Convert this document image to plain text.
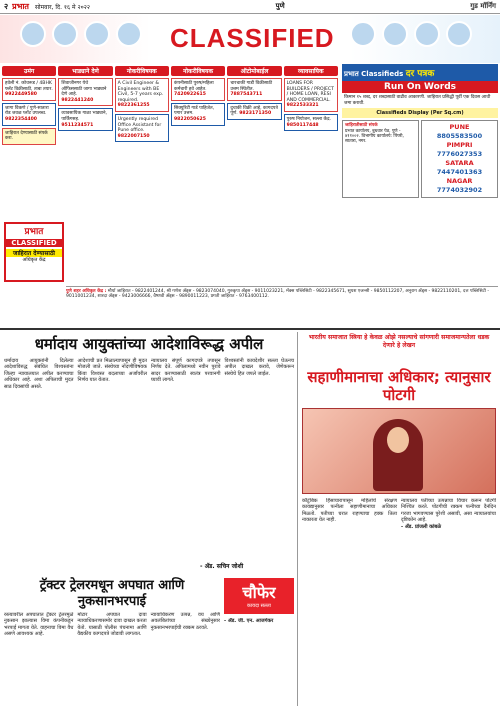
२ प्रभात सोमवार, दि. १६ मे २०२२	पुणे	गुड मॉर्निंग
CLASSIFIED
उमंग
हवेली नं. कोथरूड / 4BHK फ्लॅट विक्रीसाठी, ताबा तयार. 9922449580
जागा विकणे / पुणे-सातारा रोड जवळ प्लॉट उपलब्ध. 9822354400
जाहिरात देण्यासाठी संपर्क करा.
भाड्याने देणे
शिवाजीनगर येथे ऑफिससाठी जागा भाड्याने देणे आहे. 9822441240
व्यावसायिक गाळा भाड्याने, पार्किंगसह. 9511234571
नोकरीविषयक
A Civil Engineer & Engineers with BE Civil, 5-7 years exp. required. 9822361255
Urgently required Office Assistant for Pune office. 9822007150
नोकरीविषयक
कंपनीसाठी पुरुष/महिला कर्मचारी हवे आहेत. 7420922615
सिक्युरिटी गार्ड पाहिजेत, पगार उत्तम. 9822050625
ऑटोमोबाईल
चारचाकी गाडी विक्रीसाठी उत्तम स्थितीत. 7887543711
दुचाकी विक्री आहे, कागदपत्रे पूर्ण. 9823171350
व्यावसायिक
LOANS FOR BUILDERS / PROJECT / HOME LOAN, RESI AND COMMERCIAL. 9822533321
पुरुष नियोजन, सल्ला केंद्र. 9850117448
प्रभात
CLASSIFIED
जाहिरात देण्यासाठी
अधिकृत केंद्र
प्रभात Classifieds दर पत्रक
Run On Words
किमान १५ शब्द, दर शब्दासाठी वाढीव आकारणी. जाहिरात प्रसिद्धी पूर्वी एक दिवस आधी जमा करावी.
Classifieds Display (Per Sq.cm)
जाहिरातीसाठी संपर्क
प्रभात कार्यालय, बुधवार पेठ, पुणे - ४११००२. विभागीय कार्यालये: पिंपरी, सातारा, नगर.
PUNE
8805583500
PIMPRI
7776027353
SATARA
7447401363
NAGAR
7774032902
पुणे शहर अधिकृत केंद्र : मौर्या जाहिरात - 9822401244, श्री गणेश अ‍ॅड्‌स - 9823074040, गुरुकृपा अ‍ॅड्‌स - 9011023221, मॅक्स पब्लिसिटी - 9822345671, सुयश एजन्सी - 9850112207, अनुराग अ‍ॅड्‌स - 9822110201, दत्त पब्लिसिटी - 9011001234, शारदा अ‍ॅड्‌स - 9423006666, वैष्णवी अ‍ॅड्‌स - 9890011223, प्रगती जाहिरात - 9763400112.
धर्मादाय आयुक्तांच्या आदेशाविरूद्ध अपील

धर्मादाय आयुक्तांनी दिलेल्या आदेशाविरुद्ध संबंधित विश्वस्तांना जिल्हा न्यायालयात अपील करण्याचा अधिकार आहे. अशा अपिलाची मुदत साठ दिवसांची असते.

आदेशाची प्रत मिळाल्यापासून ही मुदत मोजली जाते. संस्थेच्या नोंदणीविषयक किंवा विश्वस्त बदलाच्या अर्जांवरील निर्णय यात येतात.

न्यायालय संपूर्ण कागदपत्रे तपासून निर्णय देते. अपिलामध्ये नवीन पुरावे सादर करण्यासाठी स्वतंत्र परवानगी घ्यावी लागते.

विश्वस्तांनी कायदेशीर सल्ला घेऊनच अपील दाखल करावे, जेणेकरून संस्थेचे हित जपले जाईल.

- ॲड. सचिन जोशी
ट्रॅक्टर ट्रेलरमधून अपघात आणि नुकसानभरपाई

रस्त्यावरील अपघातात ट्रॅक्टर ट्रेलरमुळे नुकसान झाल्यास विमा कंपनीकडून भरपाई मागता येते. वाहनाचा विमा वैध असणे आवश्यक आहे.

मोटार अपघात दावा न्यायाधिकरणासमोर दावा दाखल करता येतो. यासाठी पोलीस पंचनामा आणि वैद्यकीय कागदपत्रे जोडावी लागतात.

न्यायाधिकरण उत्पन्न, वय आणि अवलंबितांच्या संख्येनुसार नुकसानभरपाईची रक्कम ठरवते.

चौफेर
कायदा सल्ला

- ॲड. जी. एन. आजगेकर

भारतीय समाजात स्त्रिया हे केवळ ओझे नसल्याचे सांगणारी समाजमान्यतेला धडक देणारे हे लेखन
सहाणीमानाचा अधिकार; त्यानुसार पोटगी

कौटुंबिक हिंसाचारापासून महिलांचे संरक्षण कायद्यानुसार पत्नीला सहाणीमानाचा अधिकार मिळतो. पतीच्या घरात राहण्याचा हक्क तिला नाकारता येत नाही.

न्यायालय पतीच्या उत्पन्नाचा विचार करून पोटगी निश्चित करते. पोटगीची रक्कम पत्नीच्या दैनंदिन गरजा भागवण्यास पुरेशी असावी, असा न्यायालयांचा दृष्टिकोन आहे.

- ॲड. प्रांजली कांबळे
